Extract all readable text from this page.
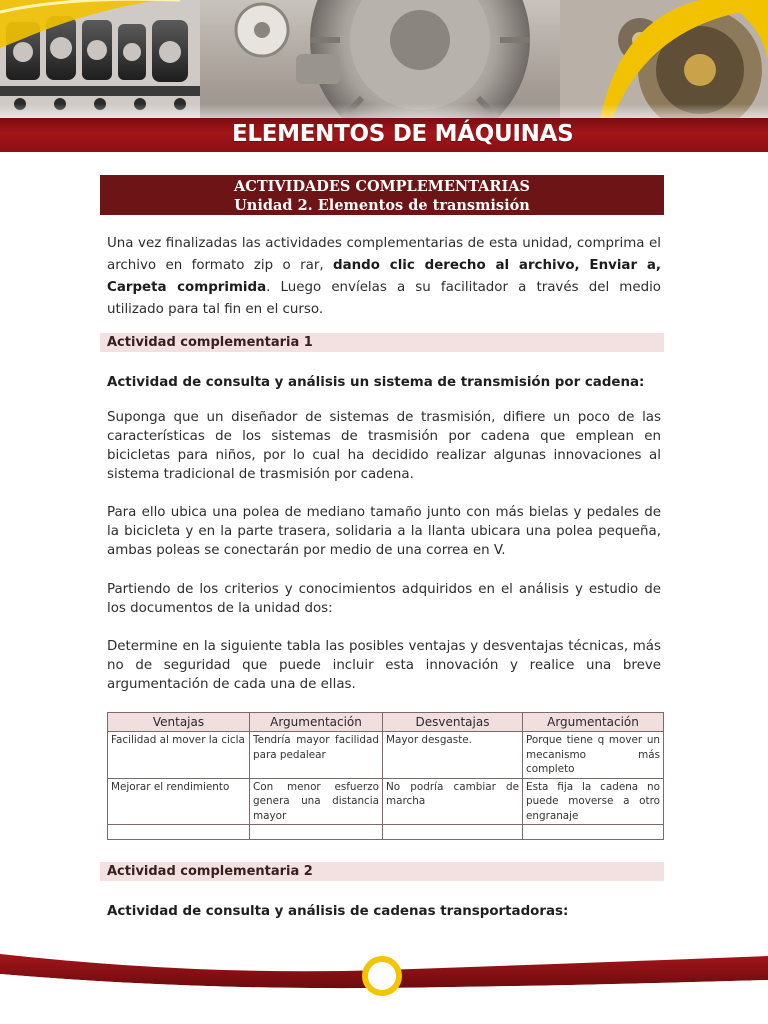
ELEMENTOS DE MÁQUINAS
ACTIVIDADES COMPLEMENTARIAS
Unidad 2. Elementos de transmisión
Una vez finalizadas las actividades complementarias de esta unidad, comprima el archivo en formato zip o rar, dando clic derecho al archivo, Enviar a, Carpeta comprimida. Luego envíelas a su facilitador a través del medio utilizado para tal fin en el curso.
Actividad complementaria 1
Actividad de consulta y análisis un sistema de transmisión por cadena:
Suponga que un diseñador de sistemas de trasmisión, difiere un poco de las características de los sistemas de trasmisión por cadena que emplean en bicicletas para niños, por lo cual ha decidido realizar algunas innovaciones al sistema tradicional de trasmisión por cadena.
Para ello ubica una polea de mediano tamaño junto con más bielas y pedales de la bicicleta y en la parte trasera, solidaria a la llanta ubicara una polea pequeña, ambas poleas se conectarán por medio de una correa en V.
Partiendo de los criterios y conocimientos adquiridos en el análisis y estudio de los documentos de la unidad dos:
Determine en la siguiente tabla las posibles ventajas y desventajas técnicas, más no de seguridad que puede incluir esta innovación y realice una breve argumentación de cada una de ellas.
Ventajas	Argumentación	Desventajas	Argumentación
Facilidad al mover la cicla	Tendría mayor facilidad para pedalear	Mayor desgaste.	Porque tiene q mover un mecanismo más completo
Mejorar el rendimiento	Con menor esfuerzo genera una distancia mayor	No podría cambiar de marcha	Esta fija la cadena no puede moverse a otro engranaje

Actividad complementaria 2
Actividad de consulta y análisis de cadenas transportadoras:
